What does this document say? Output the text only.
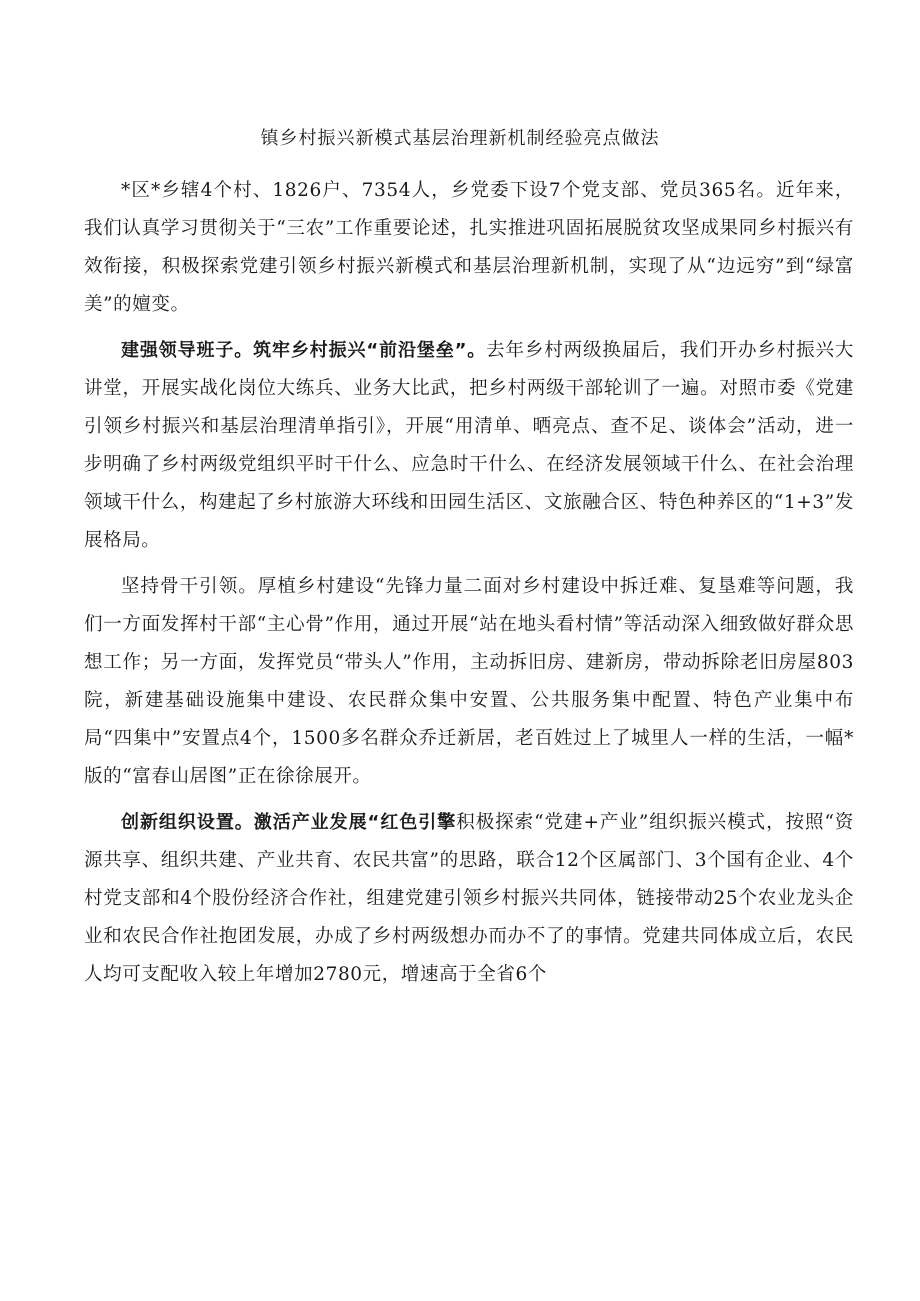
镇乡村振兴新模式基层治理新机制经验亮点做法

*区*乡辖4个村、1826户、7354人，乡党委下设7个党支部、党员365名。近年来，我们认真学习贯彻关于“三农”工作重要论述，扎实推进巩固拓展脱贫攻坚成果同乡村振兴有效衔接，积极探索党建引领乡村振兴新模式和基层治理新机制，实现了从“边远穷”到“绿富美”的嬗变。

建强领导班子。筑牢乡村振兴“前沿堡垒”。去年乡村两级换届后，我们开办乡村振兴大讲堂，开展实战化岗位大练兵、业务大比武，把乡村两级干部轮训了一遍。对照市委《党建引领乡村振兴和基层治理清单指引》，开展“用清单、晒亮点、查不足、谈体会”活动，进一步明确了乡村两级党组织平时干什么、应急时干什么、在经济发展领域干什么、在社会治理领域干什么，构建起了乡村旅游大环线和田园生活区、文旅融合区、特色种养区的“1+3”发展格局。

坚持骨干引领。厚植乡村建设“先锋力量二面对乡村建设中拆迁难、复垦难等问题，我们一方面发挥村干部“主心骨”作用，通过开展“站在地头看村情”等活动深入细致做好群众思想工作；另一方面，发挥党员“带头人”作用，主动拆旧房、建新房，带动拆除老旧房屋803院，新建基础设施集中建设、农民群众集中安置、公共服务集中配置、特色产业集中布局“四集中”安置点4个，1500多名群众乔迁新居，老百姓过上了城里人一样的生活，一幅*版的“富春山居图”正在徐徐展开。

创新组织设置。激活产业发展“红色引擎积极探索“党建+产业”组织振兴模式，按照“资源共享、组织共建、产业共育、农民共富”的思路，联合12个区属部门、3个国有企业、4个村党支部和4个股份经济合作社，组建党建引领乡村振兴共同体，链接带动25个农业龙头企业和农民合作社抱团发展，办成了乡村两级想办而办不了的事情。党建共同体成立后，农民人均可支配收入较上年增加2780元，增速高于全省6个
